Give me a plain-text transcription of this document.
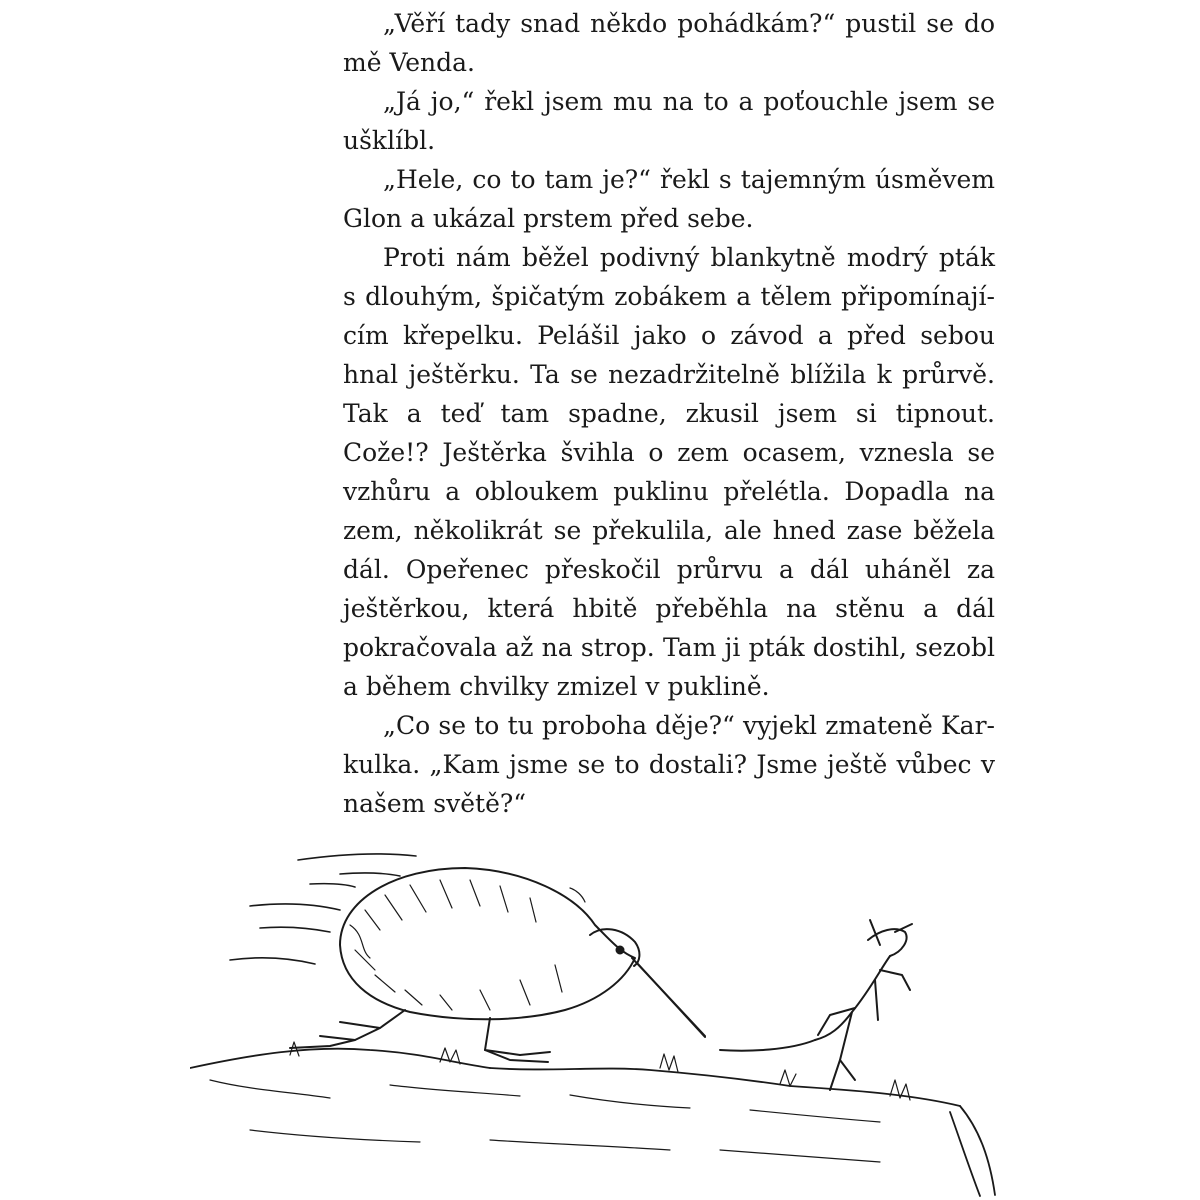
„Věří tady snad někdo pohádkám?“ pustil se do mě Venda.

„Já jo,“ řekl jsem mu na to a poťouchle jsem se ušklíbl.

„Hele, co to tam je?“ řekl s tajemným úsměvem Glon a ukázal prstem před sebe.

Proti nám běžel podivný blankytně modrý pták s dlouhým, špičatým zobákem a tělem připomínajícím křepelku. Pelášil jako o závod a před sebou hnal ještěrku. Ta se nezadržitelně blížila k průrvě. Tak a teď tam spadne, zkusil jsem si tipnout. Cože!? Ještěrka švihla o zem ocasem, vznesla se vzhůru a obloukem puklinu přelétla. Dopadla na zem, několikrát se překulila, ale hned zase běžela dál. Opeřenec přeskočil průrvu a dál uháněl za ještěrkou, která hbitě přeběhla na stěnu a dál pokračovala až na strop. Tam ji pták dostihl, sezobl a během chvilky zmizel v puklině.

„Co se to tu proboha děje?“ vyjekl zmateně Karkulka. „Kam jsme se to dostali? Jsme ještě vůbec v našem světě?“
